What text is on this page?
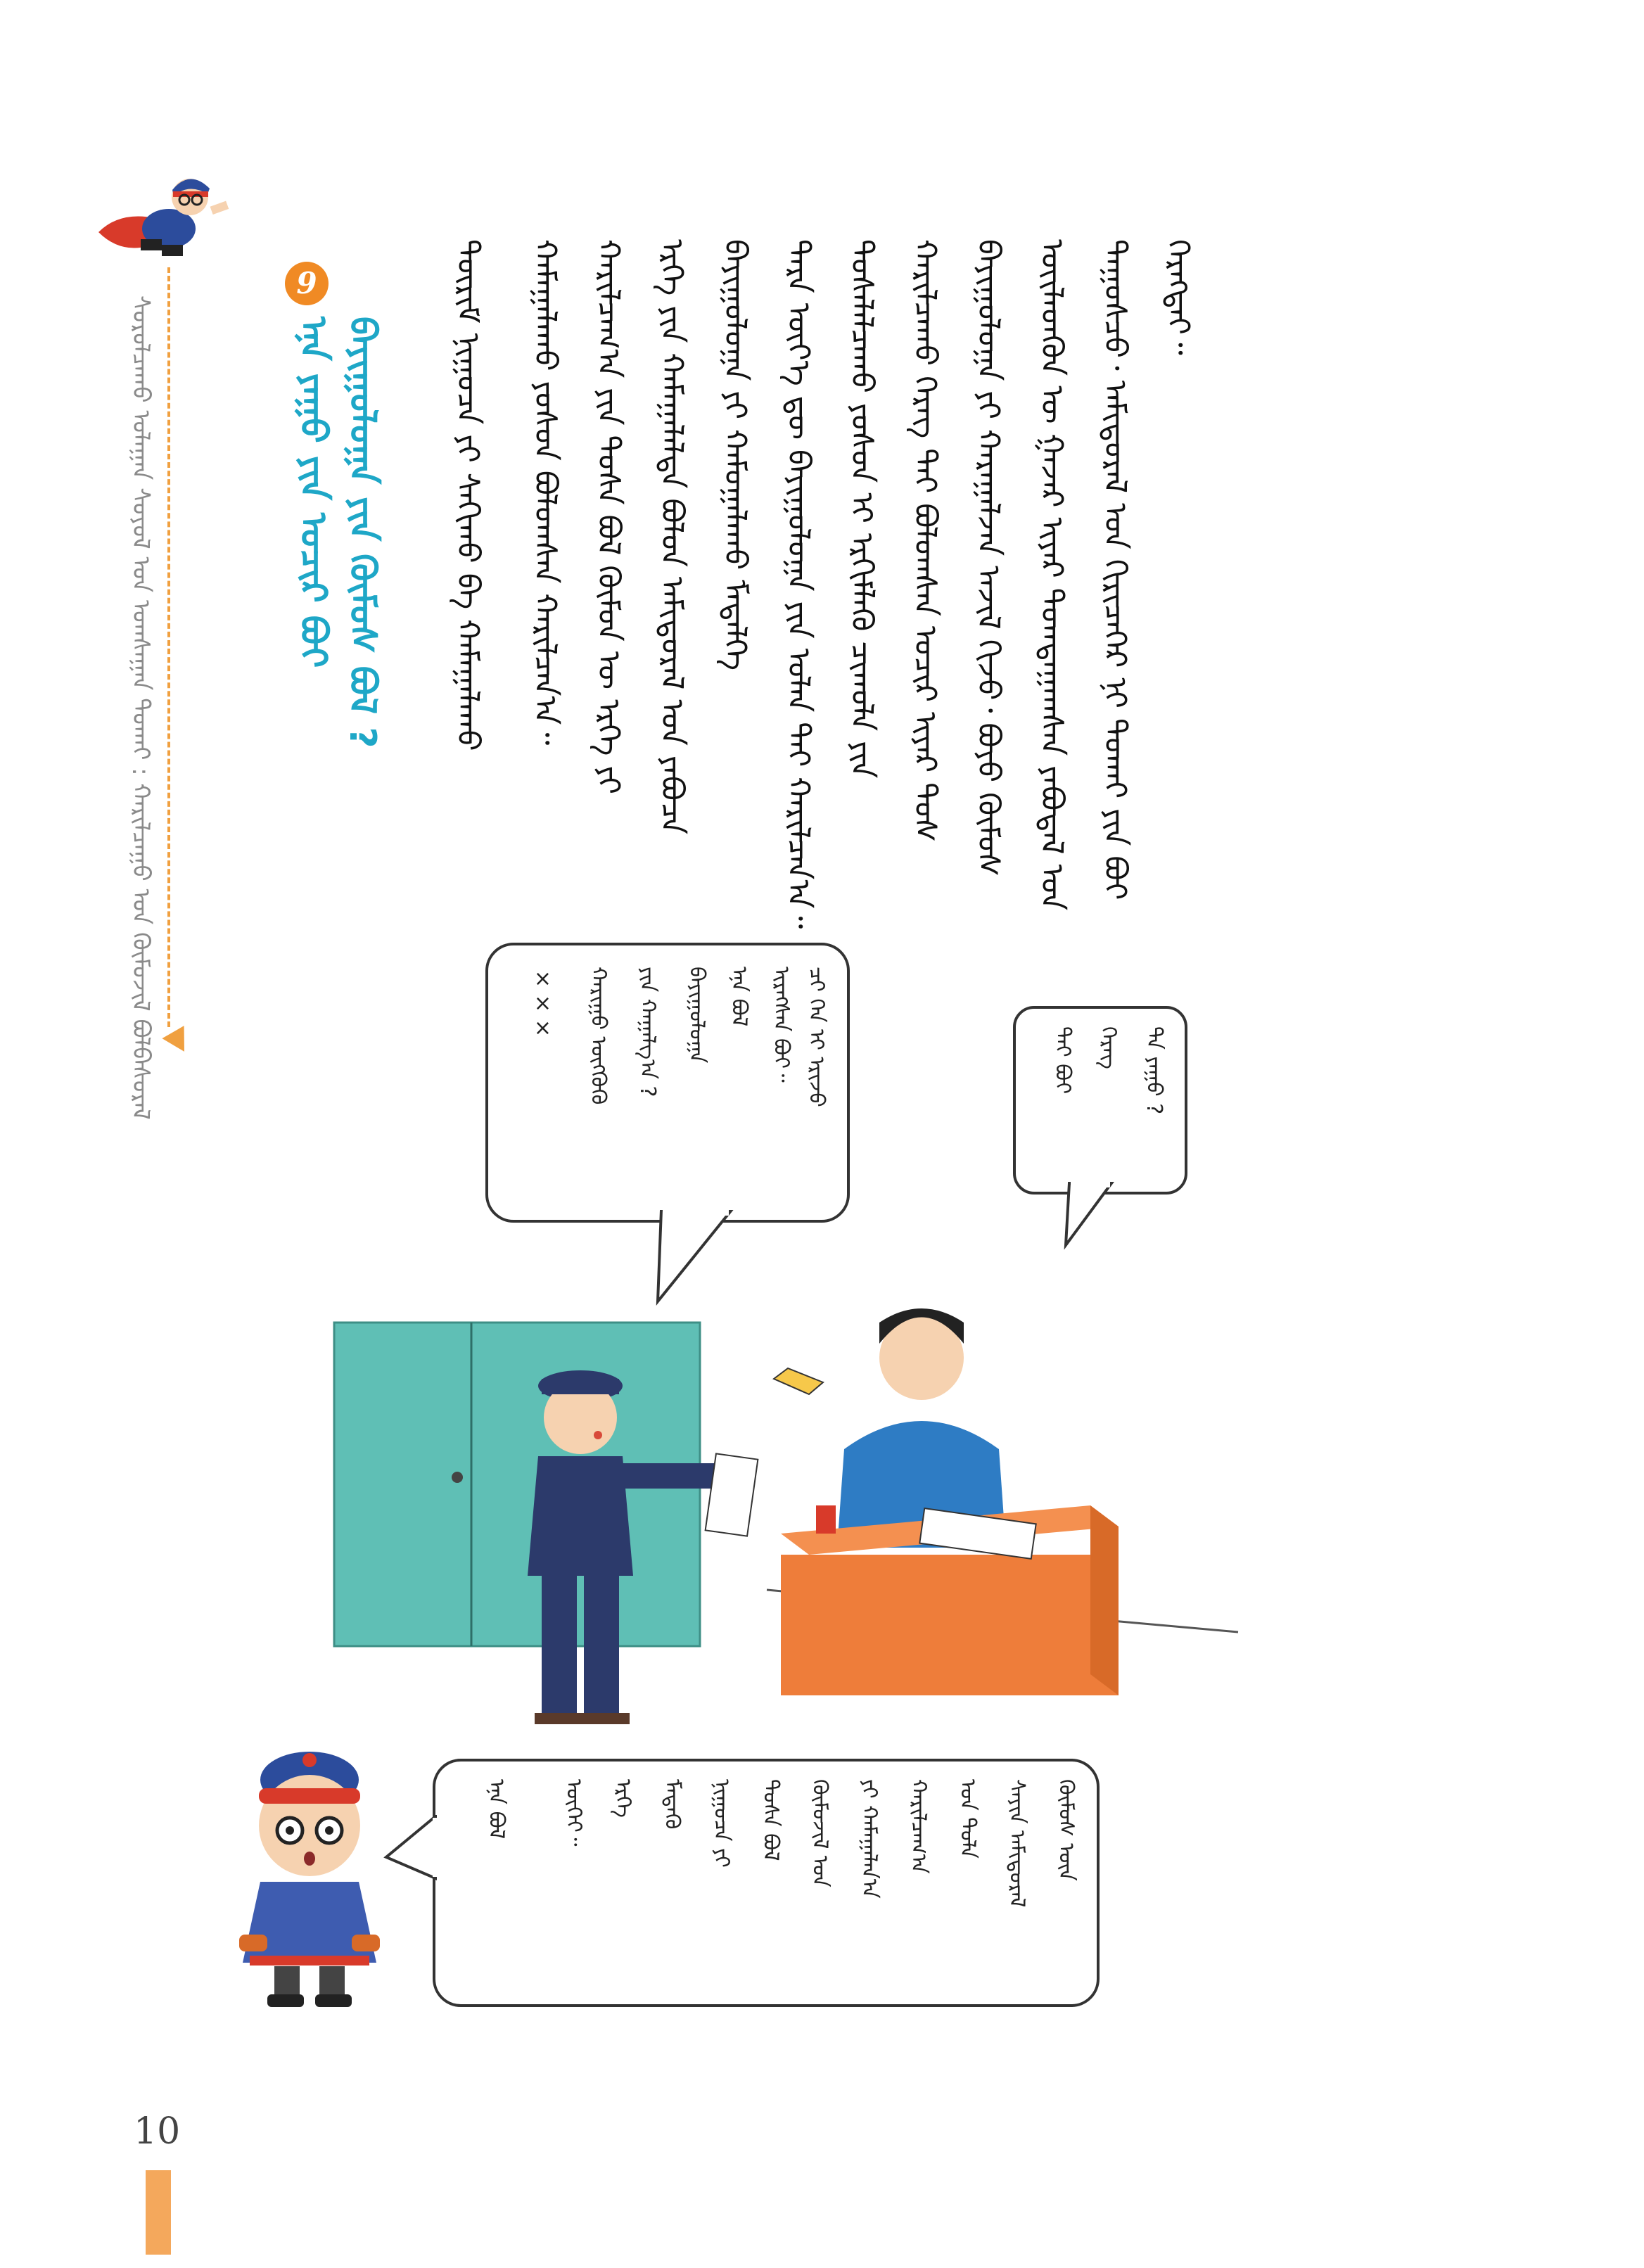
ᠰᠤᠷᠤᠯᠴᠠᠬᠤ ᠤᠯᠠᠭᠠᠨ ᠰᠤᠶᠤᠯ ᠤᠨ ᠤᠭᠰᠠᠭᠠᠨ ᠲᠤᠬᠠᠶ : ᠬᠠᠷᠢᠯᠴᠠᠭᠤ ᠤᠨ ᠬᠦᠮᠦᠵᠢᠯ ᠪᠣᠯᠪᠠᠰᠤᠷᠠᠯ
9
ᠡᠨᠡ ᠶᠠᠭᠤ ᠶᠢᠨ ᠤᠴᠢᠷ ᠪᠤᠢ ᠪᠠᠶᠢᠭᠤᠯᠤᠭᠠ ᠶᠢᠨ ᠬᠦᠮᠦᠰ ᠪᠣᠯ ?
ᠬᠡᠷᠡᠭᠲᠡᠢ᠃
ᠳᠠᠭᠤᠰᠴᠤ᠂ ᠠᠮᠢᠳᠤᠷᠠᠯ ᠤᠨ ᠬᠢᠷᠢᠴᠡᠭᠡᠷ ᠨᠢ ᠲᠤᠬᠠᠢ ᠶᠢᠨ ᠪᠤᠢ
ᠦᠢᠯᠡᠳᠬᠦᠨ ᠦ ᠭᠠᠵᠠᠷ ᠢᠶᠠᠷ ᠲᠣᠭᠲᠠᠭᠠᠭᠰᠠᠨ ᠶᠠᠪᠤᠳᠠᠯ ᠤᠨ
ᠪᠠᠶᠢᠭᠤᠯᠤᠭᠠ ᠶᠢ ᠬᠠᠷᠠᠭᠠᠯᠵᠠᠨ ᠠᠵᠢᠯ ᠬᠢᠵᠦ᠂ ᠪᠤᠶᠤ ᠬᠦᠮᠦᠰ
ᠬᠠᠷᠢᠯᠴᠠᠬᠤ ᠬᠡᠷᠡᠭ ᠲᠡᠢ ᠪᠤᠯᠤᠭᠰᠠᠨ ᠤᠴᠢᠷ ᠢᠶᠠᠷ ᠲᠤᠰ
ᠲᠤᠰᠠᠯᠠᠯᠴᠠᠬᠤ ᠶᠤᠰᠤᠨ ᠢ ᠡᠷᠬᠢᠮᠯᠡᠬᠦ ᠴᠢᠬᠤᠯᠠ ᠶᠢᠨ
ᠲᠡᠷᠡ ᠦᠶ᠎ᠡ ᠳᠦ ᠪᠠᠶᠢᠭᠤᠯᠤᠭᠠ ᠶᠢᠨ ᠣᠯᠠᠨ ᠲᠡᠢ ᠬᠠᠷᠢᠯᠴᠠᠨ᠎ᠠ᠃
ᠪᠠᠶᠢᠭᠤᠯᠤᠭᠠ ᠶᠢ ᠬᠠᠮᠤᠭᠠᠯᠠᠬᠤ ᠮᠡᠳᠡᠯᠭᠡ
ᠡᠷᠬᠡ ᠶᠢᠨ ᠬᠠᠮᠠᠭᠠᠯᠠᠯᠲᠠ ᠪᠤᠯᠤᠨ ᠠᠮᠢᠳᠤᠷᠠᠯ ᠤᠨ ᠶᠠᠪᠤᠴᠠ
ᠬᠠᠷᠢᠯᠴᠠᠭ᠎ᠠ ᠶᠢᠨ ᠲᠤᠰᠠ ᠪᠣᠯ ᠬᠦᠮᠦᠨ ᠦ ᠡᠷᠬᠡ ᠶᠢ
ᠬᠠᠮᠠᠭᠠᠯᠠᠬᠤ ᠶᠤᠰᠤᠨ ᠪᠣᠯᠤᠭᠰᠠᠨ ᠬᠠᠷᠢᠯᠴᠠᠨ᠎ᠠ᠃
ᠳᠦᠷᠢᠮ ᠨᠢᠭᠤᠴᠠ ᠶᠢ ᠰᠠᠬᠢᠬᠤ ᠪᠠ ᠬᠠᠮᠠᠭᠠᠯᠠᠬᠤ
ᠴᠢ ᠬᠡᠨ ᠢ ᠡᠷᠢᠵᠦ
ᠢᠷᠡᠭᠰᠡᠨ ᠪᠤᠢ᠃
ᠡᠨᠡ ᠪᠣᠯ
ᠪᠠᠶᠢᠭᠤᠯᠤᠭᠠ
ᠶᠢᠨ ᠬᠠᠭᠠᠯᠭ᠎ᠠ ?
ᠬᠠᠷᠢᠭᠤ ᠦᠭᠭᠦᠬᠦ
×××
ᠲᠠ ᠶᠠᠭᠤ ?
ᠬᠡᠷᠡᠭ
ᠲᠡᠢ ᠪᠣᠢ
ᠬᠦᠮᠦᠰ ᠦᠨ
ᠰᠠᠶᠢᠨ ᠠᠮᠢᠳᠤᠷᠠᠯ
ᠤᠨ ᠲᠤᠯᠠ
ᠬᠠᠷᠢᠯᠴᠠᠭ᠎ᠠ
ᠶᠢ ᠬᠠᠮᠠᠭᠠᠯᠠᠨ᠎ᠠ
ᠬᠦᠮᠦᠵᠢᠯ ᠤᠨ
ᠲᠤᠰᠠ ᠪᠣᠯ
ᠨᠢᠭᠤᠴᠠ ᠶᠢ
ᠮᠡᠳᠡᠬᠦ
ᠡᠷᠬᠡ
ᠦᠭᠡᠢ᠃
ᠡᠨᠡ ᠪᠣᠯ
10
